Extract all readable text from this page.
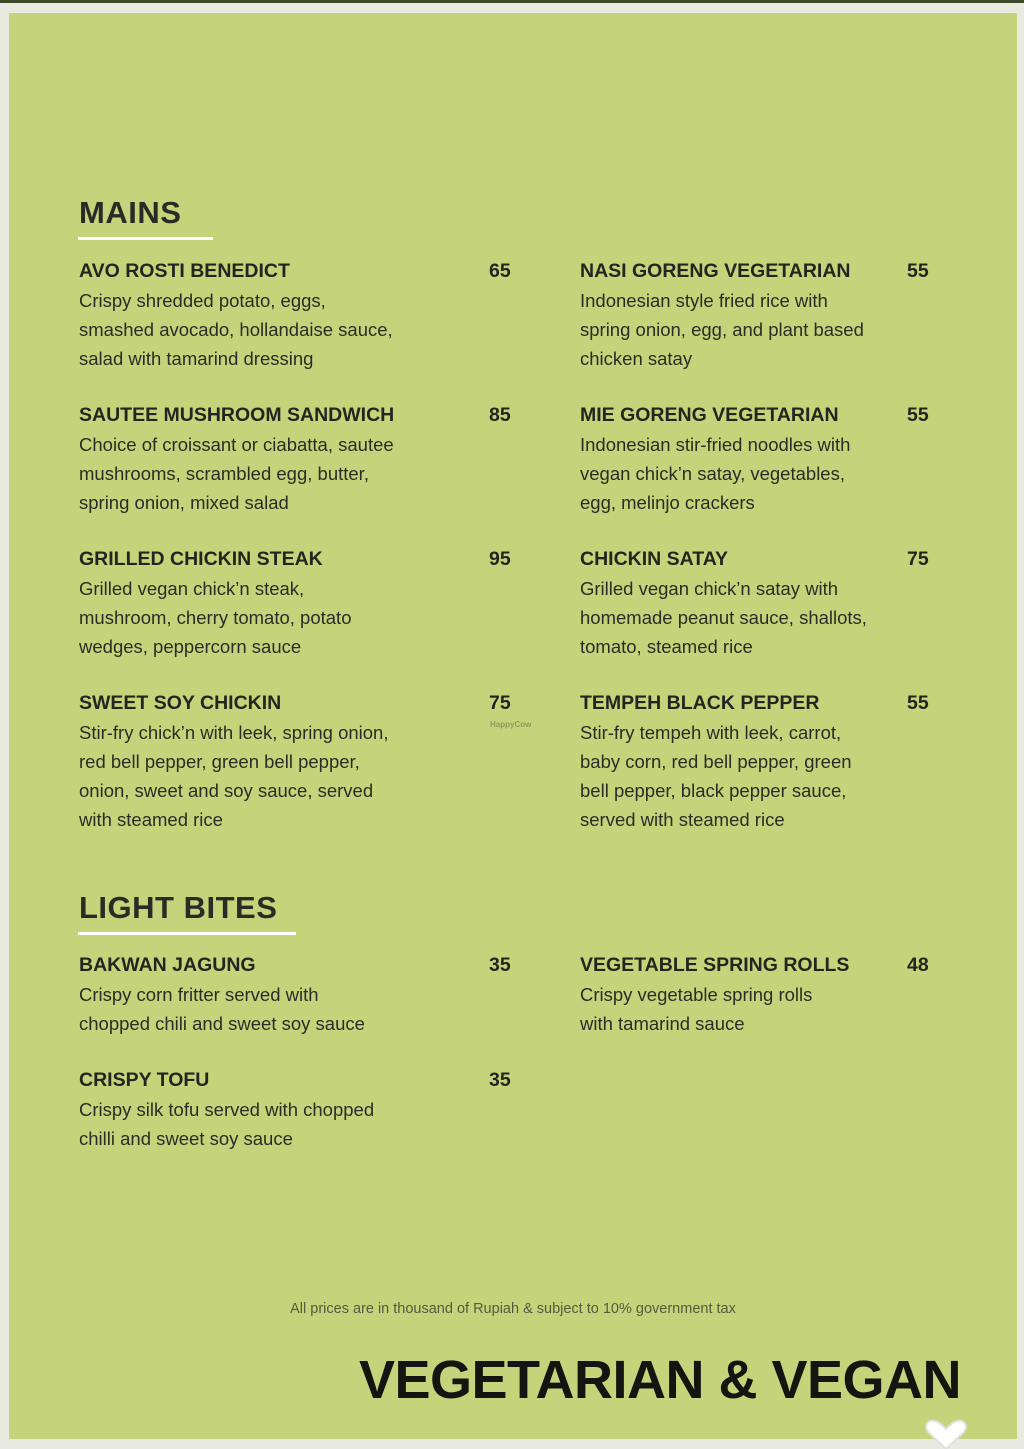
MAINS
AVO ROSTI BENEDICT	65
Crispy shredded potato, eggs,
smashed avocado, hollandaise sauce,
salad with tamarind dressing
SAUTEE MUSHROOM SANDWICH	85
Choice of croissant or ciabatta, sautee
mushrooms, scrambled egg, butter,
spring onion, mixed salad
GRILLED CHICKIN STEAK	95
Grilled vegan chick’n steak,
mushroom, cherry tomato, potato
wedges, peppercorn sauce
SWEET SOY CHICKIN	75
Stir-fry chick’n with leek, spring onion,
red bell pepper, green bell pepper,
onion, sweet and soy sauce, served
with steamed rice
NASI GORENG VEGETARIAN	55
Indonesian style fried rice with
spring onion, egg, and plant based
chicken satay
MIE GORENG VEGETARIAN	55
Indonesian stir-fried noodles with
vegan chick’n satay, vegetables,
egg, melinjo crackers
CHICKIN SATAY	75
Grilled vegan chick’n satay with
homemade peanut sauce, shallots,
tomato, steamed rice
TEMPEH BLACK PEPPER	55
Stir-fry tempeh with leek, carrot,
baby corn, red bell pepper, green
bell pepper, black pepper sauce,
served with steamed rice
HappyCow
LIGHT BITES
BAKWAN JAGUNG	35
Crispy corn fritter served with
chopped chili and sweet soy sauce
CRISPY TOFU	35
Crispy silk tofu served with chopped
chilli and sweet soy sauce
VEGETABLE SPRING ROLLS	48
Crispy vegetable spring rolls
with tamarind sauce
All prices are in thousand of Rupiah & subject to 10% government tax
VEGETARIAN & VEGAN
